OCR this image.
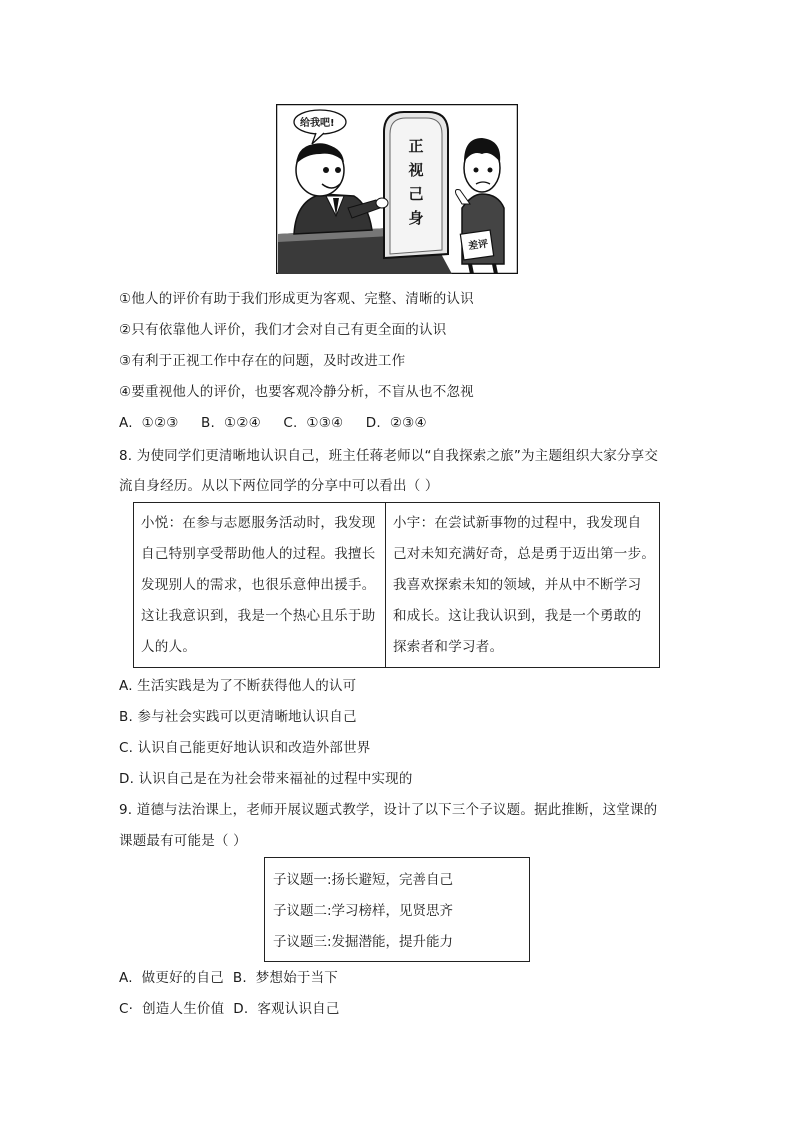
给我吧!
正
视
己
身
差评
①他人的评价有助于我们形成更为客观、完整、清晰的认识
②只有依靠他人评价，我们才会对自己有更全面的认识
③有利于正视工作中存在的问题，及时改进工作
④要重视他人的评价，也要客观冷静分析，不盲从也不忽视
A.  ①②③     B.  ①②④     C.  ①③④     D.  ②③④
8. 为使同学们更清晰地认识自己，班主任蒋老师以“自我探索之旅”为主题组织大家分享交
流自身经历。从以下两位同学的分享中可以看出（ ）
小悦：在参与志愿服务活动时，我发现
自己特别享受帮助他人的过程。我擅长
发现别人的需求，也很乐意伸出援手。
这让我意识到，我是一个热心且乐于助
人的人。
小宇：在尝试新事物的过程中，我发现自
己对未知充满好奇，总是勇于迈出第一步。
我喜欢探索未知的领域，并从中不断学习
和成长。这让我认识到，我是一个勇敢的
探索者和学习者。
A. 生活实践是为了不断获得他人的认可
B. 参与社会实践可以更清晰地认识自己
C. 认识自己能更好地认识和改造外部世界
D. 认识自己是在为社会带来福祉的过程中实现的
9. 道德与法治课上，老师开展议题式教学，设计了以下三个子议题。据此推断，这堂课的
课题最有可能是（ ）
子议题一:扬长避短，完善自己
子议题二:学习榜样，见贤思齐
子议题三:发掘潜能，提升能力
A.  做更好的自己  B.  梦想始于当下
C·  创造人生价值  D.  客观认识自己
